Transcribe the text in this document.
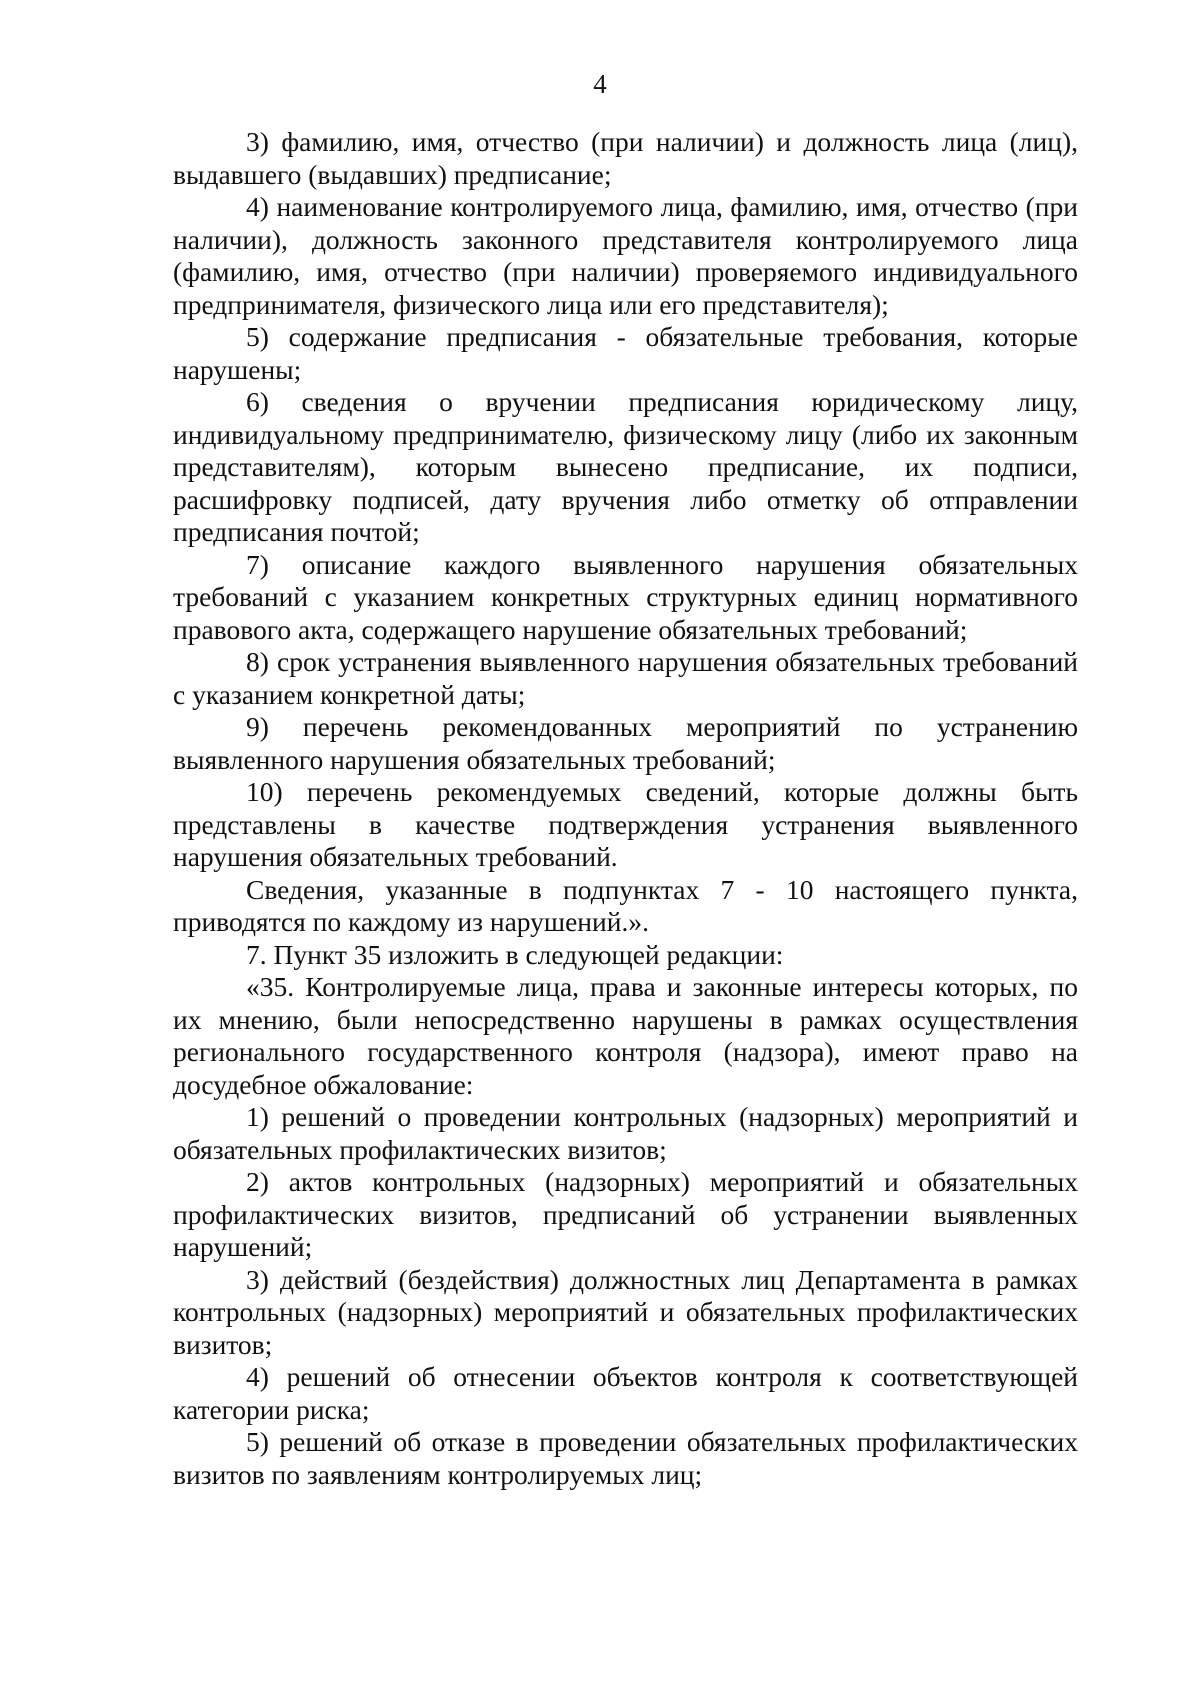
4

3) фамилию, имя, отчество (при наличии) и должность лица (лиц), выдавшего (выдавших) предписание;

4) наименование контролируемого лица, фамилию, имя, отчество (при наличии), должность законного представителя контролируемого лица (фамилию, имя, отчество (при наличии) проверяемого индивидуального предпринимателя, физического лица или его представителя);

5) содержание предписания - обязательные требования, которые нарушены;

6) сведения о вручении предписания юридическому лицу, индивидуальному предпринимателю, физическому лицу (либо их законным представителям), которым вынесено предписание, их подписи, расшифровку подписей, дату вручения либо отметку об отправлении предписания почтой;

7) описание каждого выявленного нарушения обязательных требований с указанием конкретных структурных единиц нормативного правового акта, содержащего нарушение обязательных требований;

8) срок устранения выявленного нарушения обязательных требований с указанием конкретной даты;

9) перечень рекомендованных мероприятий по устранению выявленного нарушения обязательных требований;

10) перечень рекомендуемых сведений, которые должны быть представлены в качестве подтверждения устранения выявленного нарушения обязательных требований.

Сведения, указанные в подпунктах 7 - 10 настоящего пункта, приводятся по каждому из нарушений.».

7. Пункт 35 изложить в следующей редакции:

«35. Контролируемые лица, права и законные интересы которых, по их мнению, были непосредственно нарушены в рамках осуществления регионального государственного контроля (надзора), имеют право на досудебное обжалование:

1) решений о проведении контрольных (надзорных) мероприятий и обязательных профилактических визитов;

2) актов контрольных (надзорных) мероприятий и обязательных профилактических визитов, предписаний об устранении выявленных нарушений;

3) действий (бездействия) должностных лиц Департамента в рамках контрольных (надзорных) мероприятий и обязательных профилактических визитов;

4) решений об отнесении объектов контроля к соответствующей категории риска;

5) решений об отказе в проведении обязательных профилактических визитов по заявлениям контролируемых лиц;
